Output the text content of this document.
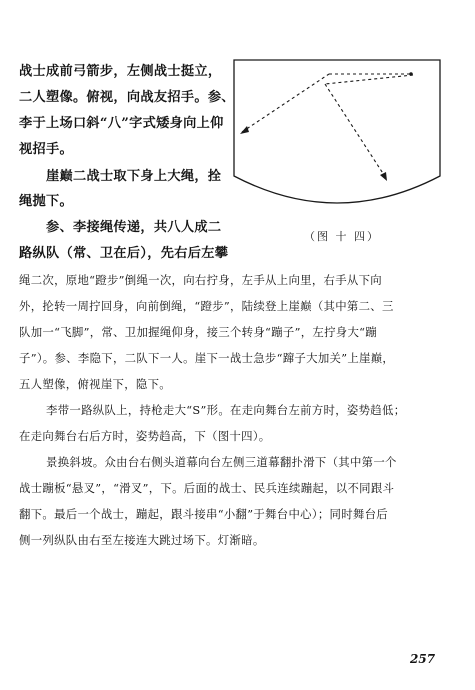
战士成前弓箭步，左侧战士挺立，
二人塑像。俯视，向战友招手。参、
李于上场口斜“八”字式矮身向上仰
视招手。
崖巅二战士取下身上大绳，拴
绳抛下。
参、李接绳传递，共八人成二
路纵队（常、卫在后），先右后左攀
绳二次，原地“蹬步”倒绳一次，向右拧身，左手从上向里，右手从下向
外，抡转一周拧回身，向前倒绳，“蹬步”，陆续登上崖巅（其中第二、三
队加一“飞脚”，常、卫加握绳仰身，接三个转身“蹦子”，左拧身大“蹦
子”）。参、李隐下，二队下一人。崖下一战士急步“蹿子大加关”上崖巅，
五人塑像，俯视崖下，隐下。
李带一路纵队上，持枪走大“S”形。在走向舞台左前方时，姿势趋低；
在走向舞台右后方时，姿势趋高，下（图十四）。
景换斜坡。众由台右侧头道幕向台左侧三道幕翻扑滑下（其中第一个
战士蹦板“悬叉”，“滑叉”，下。后面的战士、民兵连续蹦起，以不同跟斗
翻下。最后一个战士，蹦起，跟斗接串“小翻”于舞台中心）；同时舞台后
侧一列纵队由右至左接连大跳过场下。灯渐暗。
（图 十 四）
257
